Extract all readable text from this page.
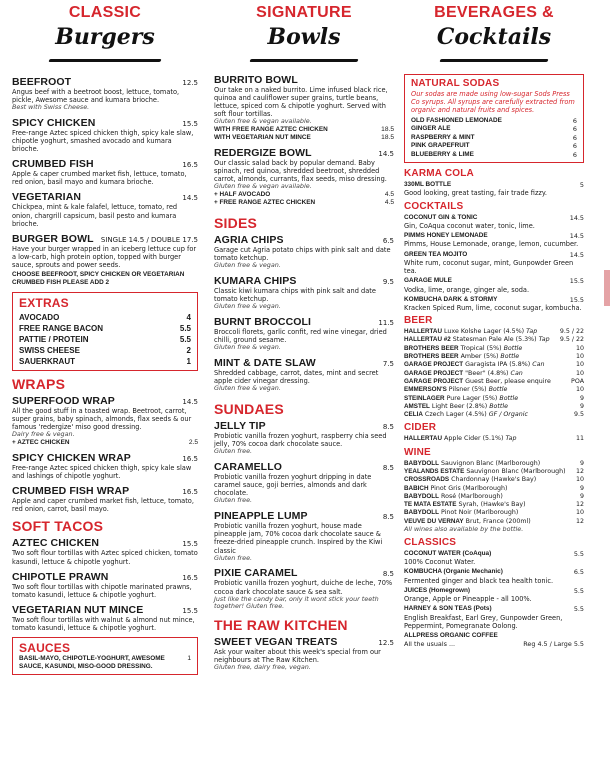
CLASSIC
Burgers
BEEFROOT	12.5
Angus beef with a beetroot boost, lettuce, tomato, pickle, Awesome sauce and kumara brioche.
Best with Swiss Cheese.
SPICY CHICKEN	15.5
Free-range Aztec spiced chicken thigh, spicy kale slaw, chipotle yoghurt, smashed avocado and kumara brioche.
CRUMBED FISH	16.5
Apple & caper crumbed market fish, lettuce, tomato, red onion, basil mayo and kumara brioche.
VEGETARIAN	14.5
Chickpea, mint & kale falafel, lettuce, tomato, red onion, chargrill capsicum, basil pesto and kumara brioche.
BURGER BOWL SINGLE 14.5 / DOUBLE 17.5
Have your burger wrapped in an iceberg lettuce cup for a low-carb, high protein option, topped with burger sauce, sprouts and power seeds.
CHOOSE BEEFROOT, SPICY CHICKEN OR VEGETARIAN
CRUMBED FISH PLEASE ADD 2
EXTRAS
AVOCADO	4
FREE RANGE BACON	5.5
PATTIE / PROTEIN	5.5
SWISS CHEESE	2
SAUERKRAUT	1
WRAPS
SUPERFOOD WRAP	14.5
All the good stuff in a toasted wrap. Beetroot, carrot, super grains, baby spinach, almonds, flax seeds & our famous 'redergize' miso good dressing.
Dairy free & vegan.
+ AZTEC CHICKEN	2.5
SPICY CHICKEN WRAP	16.5
Free-range Aztec spiced chicken thigh, spicy kale slaw and lashings of chipotle yoghurt.
CRUMBED FISH WRAP	16.5
Apple and caper crumbed market fish, lettuce, tomato, red onion, carrot, basil mayo.
SOFT TACOS
AZTEC CHICKEN	15.5
Two soft flour tortillas with Aztec spiced chicken, tomato kasundi, lettuce & chipotle yoghurt.
CHIPOTLE PRAWN	16.5
Two soft flour tortillas with chipotle marinated prawns, tomato kasundi, lettuce & chipotle yoghurt.
VEGETARIAN NUT MINCE	15.5
Two soft flour tortillas with walnut & almond nut mince, tomato kasundi, lettuce & chipotle yoghurt.
SAUCES
BASIL-MAYO, CHIPOTLE-YOGHURT, AWESOME SAUCE, KASUNDI, MISO-GOOD DRESSING.
1
SIGNATURE
Bowls
BURRITO BOWL
Our take on a naked burrito. Lime infused black rice, quinoa and cauliflower super grains, turtle beans, lettuce, spiced corn & chipotle yoghurt. Served with soft flour tortillas.
Gluten free & vegan available.
WITH FREE RANGE AZTEC CHICKEN	18.5
WITH VEGETARIAN NUT MINCE	18.5
REDERGIZE BOWL	14.5
Our classic salad back by popular demand. Baby spinach, red quinoa, shredded beetroot, shredded carrot, almonds, currants, flax seeds, miso dressing.
Gluten free & vegan available.
+ HALF AVOCADO	4.5
+ FREE RANGE AZTEC CHICKEN	4.5
SIDES
AGRIA CHIPS	6.5
Garage cut Agria potato chips with pink salt and date tomato ketchup.
Gluten free & vegan.
KUMARA CHIPS	9.5
Classic kiwi kumara chips with pink salt and date tomato ketchup.
Gluten free & vegan.
BURNT BROCCOLI	11.5
Broccoli florets, garlic confit, red wine vinegar, dried chilli, ground sesame.
Gluten free & vegan.
MINT & DATE SLAW	7.5
Shredded cabbage, carrot, dates, mint and secret apple cider vinegar dressing.
Gluten free & vegan.
SUNDAES
JELLY TIP	8.5
Probiotic vanilla frozen yoghurt, raspberry chia seed jelly, 70% cocoa dark chocolate sauce.
Gluten free.
CARAMELLO	8.5
Probiotic vanilla frozen yoghurt dripping in date caramel sauce, goji berries, almonds and dark chocolate.
Gluten free.
PINEAPPLE LUMP	8.5
Probiotic vanilla frozen yoghurt, house made pineapple jam, 70% cocoa dark chocolate sauce & freeze-dried pineapple crunch. Inspired by the Kiwi classic
Gluten free.
PIXIE CARAMEL	8.5
Probiotic vanilla frozen yoghurt, duiche de leche, 70% cocoa dark chocolate sauce & sea salt.
Just like the candy bar, only it wont stick your teeth together! Gluten free.
THE RAW KITCHEN
SWEET VEGAN TREATS	12.5
Ask your waiter about this week's special from our neighbours at The Raw Kitchen.
Gluten free, dairy free, vegan.
BEVERAGES &
Cocktails
NATURAL SODAS
Our sodas are made using low-sugar Sods Press Co syrups. All syrups are carefully extracted from organic and natural fruits and spices.
OLD FASHIONED LEMONADE	6
GINGER ALE	6
RASPBERRY & MINT	6
PINK GRAPEFRUIT	6
BLUEBERRY & LIME	6
KARMA COLA
330ML BOTTLE	5
Good looking, great tasting, fair trade fizzy.
COCKTAILS
COCONUT GIN & TONIC	14.5
Gin, CoAqua coconut water, tonic, lime.
PIMMS HONEY LEMONADE	14.5
Pimms, House Lemonade, orange, lemon, cucumber.
GREEN TEA MOJITO	14.5
White rum, coconut sugar, mint, Gunpowder Green tea.
GARAGE MULE	15.5
Vodka, lime, orange, ginger ale, soda.
KOMBUCHA DARK & STORMY	15.5
Kracken Spiced Rum, lime, coconut sugar, kombucha.
BEER
HALLERTAU Luxe Kolshe Lager (4.5%) Tap	9.5 / 22
HALLERTAU #2 Statesman Pale Ale (5.3%) Tap 9.5 / 22
BROTHERS BEER Tropical (5%) Bottle	10
BROTHERS BEER Amber (5%) Bottle	10
GARAGE PROJECT Garagista IPA (5.8%) Can	10
GARAGE PROJECT "Beer" (4.8%) Can	10
GARAGE PROJECT Guest Beer, please enquire	POA
EMMERSON'S Pilsner (5%) Bottle	10
STEINLAGER Pure Lager (5%) Bottle	9
AMSTEL Light Beer (2.8%) Bottle	9
CELIA Czech Lager (4.5%) GF / Organic	9.5
CIDER
HALLERTAU Apple Cider (5.1%) Tap	11
WINE
BABYDOLL Sauvignon Blanc (Marlborough)	9
YEALANDS ESTATE Sauvignon Blanc (Marlborough) 12
CROSSROADS Chardonnay (Hawke's Bay)	10
BABICH Pinot Gris (Marlborough)	9
BABYDOLL Rosé (Marlborough)	9
TE MATA ESTATE Syrah, (Hawke's Bay)	12
BABYDOLL Pinot Noir (Marlborough)	10
VEUVE DU VERNAY Brut, France (200ml)	12
All wines also available by the bottle.
CLASSICS
COCONUT WATER (CoAqua)	5.5
100% Coconut Water.
KOMBUCHA (Organic Mechanic)	6.5
Fermented ginger and black tea health tonic.
JUICES (Homegrown)	5.5
Orange, Apple or Pineapple - all 100%.
HARNEY & SON TEAS (Pots)	5.5
English Breakfast, Earl Grey, Gunpowder Green, Peppermint, Pomegranate Oolong.
ALLPRESS ORGANIC COFFEE
All the usuals ...	Reg 4.5 / Large 5.5
